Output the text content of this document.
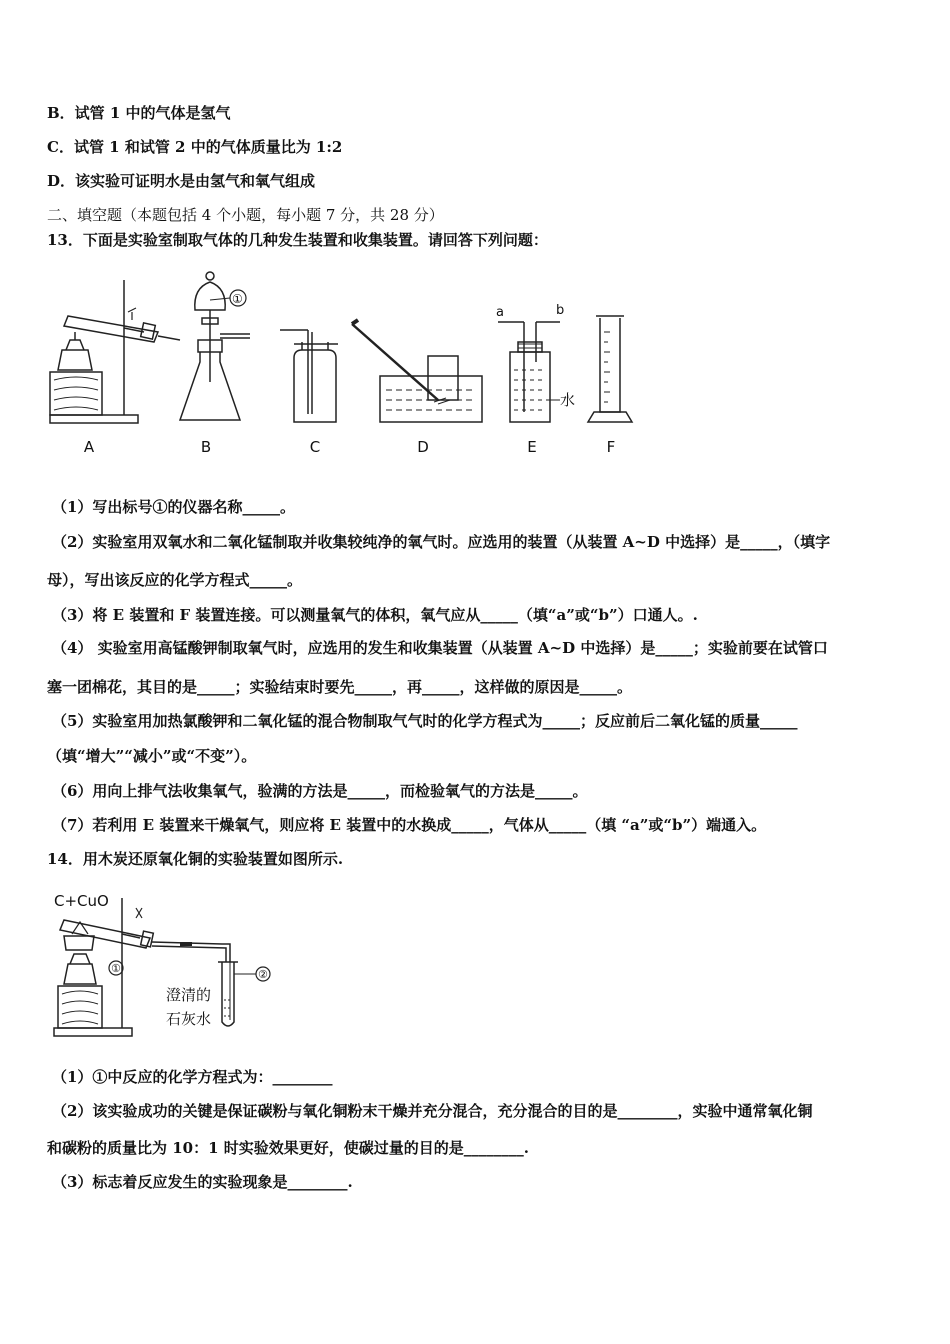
B．试管 1 中的气体是氢气
C．试管 1 和试管 2 中的气体质量比为 1:2
D．该实验可证明水是由氢气和氧气组成
二、填空题（本题包括 4 个小题，每小题 7 分，共 28 分）
13．下面是实验室制取气体的几种发生装置和收集装置。请回答下列问题：
A	B	C	D	E	F
①
a	b
水
（1）写出标号①的仪器名称_____。
（2）实验室用双氧水和二氧化锰制取并收集较纯净的氧气时。应选用的装置（从装置 A~D 中选择）是_____，（填字
母），写出该反应的化学方程式_____。
（3）将 E 装置和 F 装置连接。可以测量氧气的体积，氧气应从_____（填“a”或“b”）口通人。.
（4） 实验室用高锰酸钾制取氧气时，应选用的发生和收集装置（从装置 A~D 中选择）是_____；实验前要在试管口
塞一团棉花，其目的是_____；实验结束时要先_____，再_____，这样做的原因是_____。
（5）实验室用加热氯酸钾和二氧化锰的混合物制取气气时的化学方程式为_____；反应前后二氧化锰的质量_____
（填“增大”“减小”或“不变”）。
（6）用向上排气法收集氧气，验满的方法是_____，而检验氧气的方法是_____。
（7）若利用 E 装置来干燥氧气，则应将 E 装置中的水换成_____，气体从_____（填 “a”或“b”）端通入。
14．用木炭还原氧化铜的实验装置如图所示.
C+CuO
①	②
澄清的
石灰水
（1）①中反应的化学方程式为：________
（2）该实验成功的关键是保证碳粉与氧化铜粉末干燥并充分混合，充分混合的目的是________，实验中通常氧化铜
和碳粉的质量比为 10：1 时实验效果更好，使碳过量的目的是________.
（3）标志着反应发生的实验现象是________.
